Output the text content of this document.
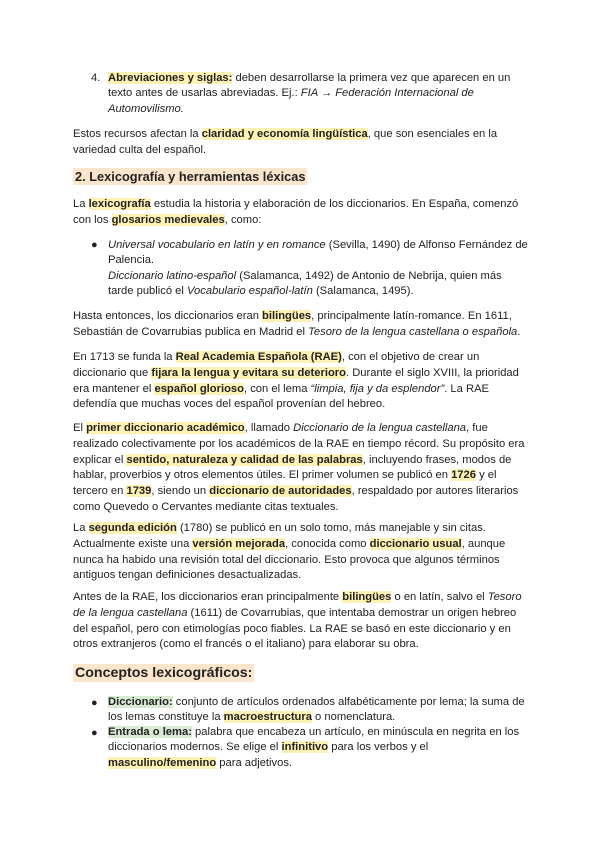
4. Abreviaciones y siglas: deben desarrollarse la primera vez que aparecen en un texto antes de usarlas abreviadas. Ej.: FIA → Federación Internacional de Automovilismo.

Estos recursos afectan la claridad y economía lingüística, que son esenciales en la variedad culta del español.

2. Lexicografía y herramientas léxicas

La lexicografía estudia la historia y elaboración de los diccionarios. En España, comenzó con los glosarios medievales, como:

● Universal vocabulario en latín y en romance (Sevilla, 1490) de Alfonso Fernández de Palencia.
Diccionario latino-español (Salamanca, 1492) de Antonio de Nebrija, quien más tarde publicó el Vocabulario español-latín (Salamanca, 1495).

Hasta entonces, los diccionarios eran bilingües, principalmente latín-romance. En 1611, Sebastián de Covarrubias publica en Madrid el Tesoro de la lengua castellana o española.

En 1713 se funda la Real Academia Española (RAE), con el objetivo de crear un diccionario que fijara la lengua y evitara su deterioro. Durante el siglo XVIII, la prioridad era mantener el español glorioso, con el lema “limpia, fija y da esplendor”. La RAE defendía que muchas voces del español provenían del hebreo.

El primer diccionario académico, llamado Diccionario de la lengua castellana, fue realizado colectivamente por los académicos de la RAE en tiempo récord. Su propósito era explicar el sentido, naturaleza y calidad de las palabras, incluyendo frases, modos de hablar, proverbios y otros elementos útiles. El primer volumen se publicó en 1726 y el tercero en 1739, siendo un diccionario de autoridades, respaldado por autores literarios como Quevedo o Cervantes mediante citas textuales.

La segunda edición (1780) se publicó en un solo tomo, más manejable y sin citas. Actualmente existe una versión mejorada, conocida como diccionario usual, aunque nunca ha habido una revisión total del diccionario. Esto provoca que algunos términos antiguos tengan definiciones desactualizadas.

Antes de la RAE, los diccionarios eran principalmente bilingües o en latín, salvo el Tesoro de la lengua castellana (1611) de Covarrubias, que intentaba demostrar un origen hebreo del español, pero con etimologías poco fiables. La RAE se basó en este diccionario y en otros extranjeros (como el francés o el italiano) para elaborar su obra.

Conceptos lexicográficos:
● Diccionario: conjunto de artículos ordenados alfabéticamente por lema; la suma de los lemas constituye la macroestructura o nomenclatura.

● Entrada o lema: palabra que encabeza un artículo, en minúscula en negrita en los diccionarios modernos. Se elige el infinitivo para los verbos y el masculino/femenino para adjetivos.
